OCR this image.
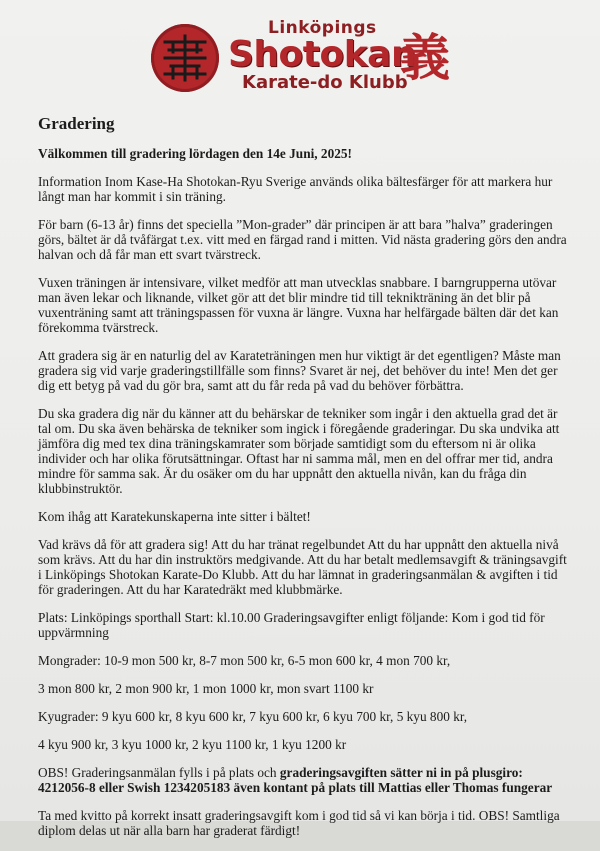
Linköpings
Shotokan
Karate-do Klubb
義
Gradering

Välkommen till gradering lördagen den 14e Juni, 2025!

Information Inom Kase-Ha Shotokan-Ryu Sverige används olika bältesfärger för att markera hur långt man har kommit i sin träning.

För barn (6-13 år) finns det speciella ”Mon-grader” där principen är att bara ”halva” graderingen görs, bältet är då tvåfärgat t.ex. vitt med en färgad rand i mitten. Vid nästa gradering görs den andra halvan och då får man ett svart tvärstreck.

Vuxen träningen är intensivare, vilket medför att man utvecklas snabbare. I barngrupperna utövar man även lekar och liknande, vilket gör att det blir mindre tid till teknikträning än det blir på vuxenträning samt att träningspassen för vuxna är längre. Vuxna har helfärgade bälten där det kan förekomma tvärstreck.

Att gradera sig är en naturlig del av Karateträningen men hur viktigt är det egentligen? Måste man gradera sig vid varje graderingstillfälle som finns? Svaret är nej, det behöver du inte! Men det ger dig ett betyg på vad du gör bra, samt att du får reda på vad du behöver förbättra.

Du ska gradera dig när du känner att du behärskar de tekniker som ingår i den aktuella grad det är tal om. Du ska även behärska de tekniker som ingick i föregående graderingar. Du ska undvika att jämföra dig med tex dina träningskamrater som började samtidigt som du eftersom ni är olika individer och har olika förutsättningar. Oftast har ni samma mål, men en del offrar mer tid, andra mindre för samma sak. Är du osäker om du har uppnått den aktuella nivån, kan du fråga din klubbinstruktör.

Kom ihåg att Karatekunskaperna inte sitter i bältet!

Vad krävs då för att gradera sig! Att du har tränat regelbundet Att du har uppnått den aktuella nivå som krävs. Att du har din instruktörs medgivande. Att du har betalt medlemsavgift & träningsavgift i Linköpings Shotokan Karate-Do Klubb. Att du har lämnat in graderingsanmälan & avgiften i tid för graderingen. Att du har Karatedräkt med klubbmärke.

Plats: Linköpings sporthall Start: kl.10.00 Graderingsavgifter enligt följande: Kom i god tid för uppvärmning

Mongrader: 10-9 mon 500 kr, 8-7 mon 500 kr, 6-5 mon 600 kr, 4 mon 700 kr,

3 mon 800 kr, 2 mon 900 kr, 1 mon 1000 kr, mon svart 1100 kr

Kyugrader: 9 kyu 600 kr, 8 kyu 600 kr, 7 kyu 600 kr, 6 kyu 700 kr, 5 kyu 800 kr,

4 kyu 900 kr, 3 kyu 1000 kr, 2 kyu 1100 kr, 1 kyu 1200 kr

OBS! Graderingsanmälan fylls i på plats och graderingsavgiften sätter ni in på plusgiro: 4212056-8 eller Swish 1234205183 även kontant på plats till Mattias eller Thomas fungerar

Ta med kvitto på korrekt insatt graderingsavgift kom i god tid så vi kan börja i tid. OBS! Samtliga diplom delas ut när alla barn har graderat färdigt!
